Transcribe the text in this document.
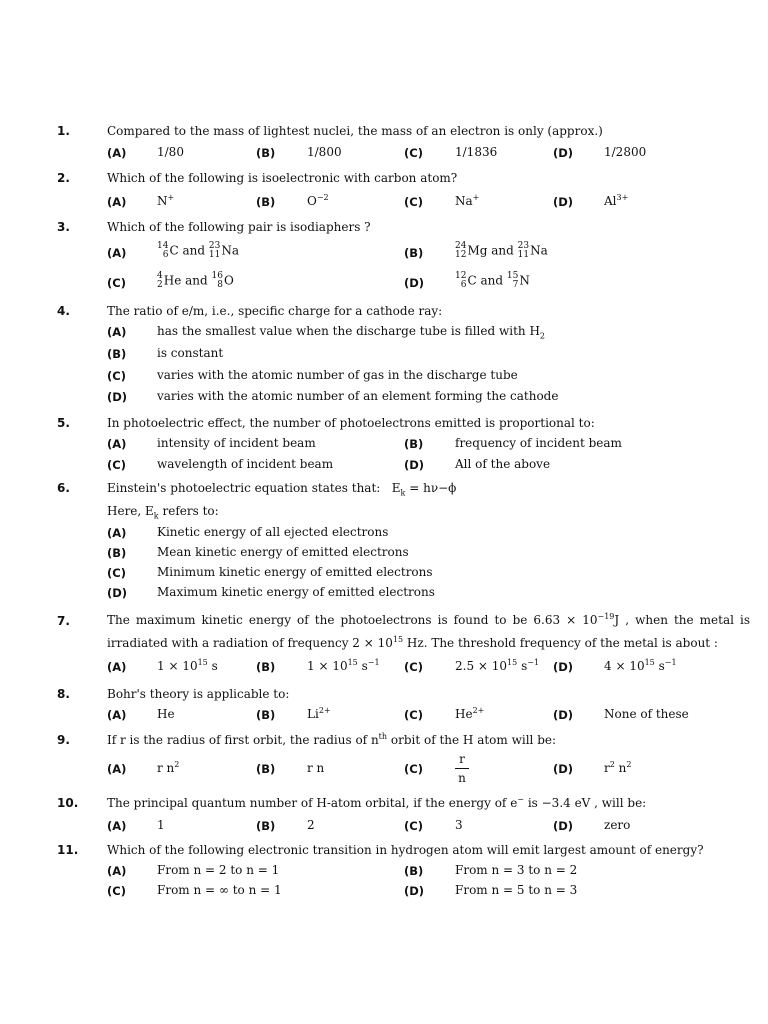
1.	Compared to the mass of lightest nuclei, the mass of an electron is only (approx.)
(A)	1/80	(B)	1/800	(C)	1/1836	(D)	1/2800
2.	Which of the following is isoelectronic with carbon atom?
(A)	N+	(B)	$O^{-2}$	(C)	Na+	(D)	$Al^{3+}$
3.	Which of the following pair is isodiaphers ?
(A)	14
6 C and 23
11 Na	(B)	24
12 Mg and 23
11 Na
(C)	4
2 He and 16
8 O	(D)	12
6 C and 15
7 N
4.	The ratio of e/m, i.e., specific charge for a cathode ray:
(A)	has the smallest value when the discharge tube is filled with $H_2$
(B)	is constant
(C)	varies with the atomic number of gas in the discharge tube
(D) varies with the atomic number of an element forming the cathode
5.	In photoelectric effect, the number of photoelectrons emitted is proportional to:
(A)	intensity of incident beam	(B)	frequency of incident beam
(C)	wavelength of incident beam	(D)	All of the above
6.	Einstein's photoelectric equation states that: $E_k = h\nu-\phi$
Here, $E_k$ refers to:
(A)	Kinetic energy of all ejected electrons
(B)	Mean kinetic energy of emitted electrons
(C)	Minimum kinetic energy of emitted electrons
(D) Maximum kinetic energy of emitted electrons
7.	The maximum kinetic energy of the photoelectrons is found to be $6.63 \times 10^{-19}J$ , when the metal is
irradiated with a radiation of frequency $2 \times 10^{15}$ Hz. The threshold frequency of the metal is about :
(A)	$1 \times 10^{15}$ s	(B)	$1 \times 10^{15}$ $s^{-1}$ (C)	$2.5 \times 10^{15}$ $s^{-1}$ (D)	$4 \times 10^{15}$ $s^{-1}$
8.	Bohr's theory is applicable to:
(A)	He	(B)	$Li^{2+}$	(C)	$He^{2+}$	(D)	None of these
9.	If r is the radius of first orbit, the radius of $n^{th}$ orbit of the H atom will be:
(A)	r $n^2$	(B)	r n	(C)
r
n
(D)	$r^2$ $n^2$
10. The principal quantum number of H-atom orbital, if the energy of e− is −3.4 eV , will be:
(A)	1	(B)	2	(C)	3	(D)	zero
11. Which of the following electronic transition in hydrogen atom will emit largest amount of energy?
(A)	From n = 2 to n = 1	(B)	From n = 3 to n = 2
(C)	From n = ∞ to n = 1	(D)	From n = 5 to n = 3
